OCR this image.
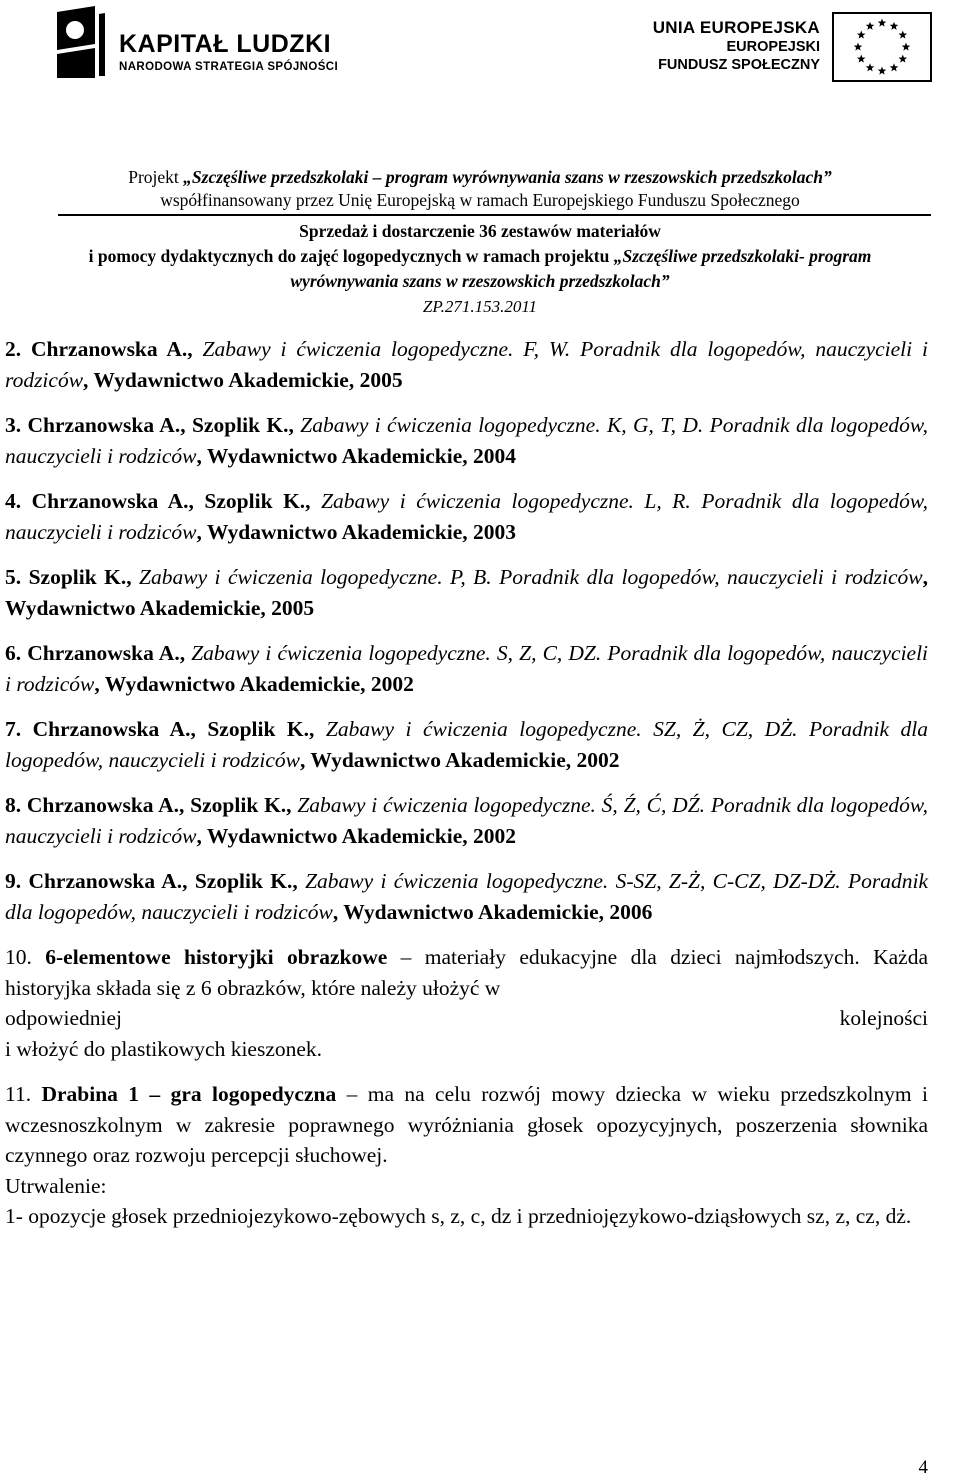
KAPITAŁ LUDZKI
NARODOWA STRATEGIA SPÓJNOŚCI
UNIA EUROPEJSKA
EUROPEJSKI
FUNDUSZ SPOŁECZNY
Projekt „Szczęśliwe przedszkolaki – program wyrównywania szans w rzeszowskich przedszkolach”
współfinansowany przez Unię Europejską w ramach Europejskiego Funduszu Społecznego
Sprzedaż i dostarczenie 36 zestawów materiałów
i pomocy dydaktycznych do zajęć logopedycznych w ramach projektu „Szczęśliwe przedszkolaki- program
wyrównywania szans w rzeszowskich przedszkolach”
ZP.271.153.2011
2. Chrzanowska A., Zabawy i ćwiczenia logopedyczne. F, W. Poradnik dla logopedów, nauczycieli i rodziców, Wydawnictwo Akademickie, 2005
3. Chrzanowska A., Szoplik K., Zabawy i ćwiczenia logopedyczne. K, G, T, D. Poradnik dla logopedów, nauczycieli i rodziców, Wydawnictwo Akademickie, 2004
4. Chrzanowska A., Szoplik K., Zabawy i ćwiczenia logopedyczne. L, R. Poradnik dla logopedów, nauczycieli i rodziców, Wydawnictwo Akademickie, 2003
5. Szoplik K., Zabawy i ćwiczenia logopedyczne. P, B. Poradnik dla logopedów, nauczycieli i rodziców, Wydawnictwo Akademickie, 2005
6. Chrzanowska A., Zabawy i ćwiczenia logopedyczne. S, Z, C, DZ. Poradnik dla logopedów, nauczycieli i rodziców, Wydawnictwo Akademickie, 2002
7. Chrzanowska A., Szoplik K., Zabawy i ćwiczenia logopedyczne. SZ, Ż, CZ, DŻ. Poradnik dla logopedów, nauczycieli i rodziców, Wydawnictwo Akademickie, 2002
8. Chrzanowska A., Szoplik K., Zabawy i ćwiczenia logopedyczne. Ś, Ź, Ć, DŹ. Poradnik dla logopedów, nauczycieli i rodziców, Wydawnictwo Akademickie, 2002
9. Chrzanowska A., Szoplik K., Zabawy i ćwiczenia logopedyczne. S-SZ, Z-Ż, C-CZ, DZ-DŻ. Poradnik dla logopedów, nauczycieli i rodziców, Wydawnictwo Akademickie, 2006
10. 6-elementowe historyjki obrazkowe – materiały edukacyjne dla dzieci najmłodszych. Każda historyjka składa się z 6 obrazków, które należy ułożyć w
odpowiedniej	kolejności
i włożyć do plastikowych kieszonek.
11. Drabina 1 – gra logopedyczna – ma na celu rozwój mowy dziecka w wieku przedszkolnym i wczesnoszkolnym w zakresie poprawnego wyróżniania głosek opozycyjnych, poszerzenia słownika czynnego oraz rozwoju percepcji słuchowej.
Utrwalenie:
1- opozycje głosek przedniojezykowo-zębowych s, z, c, dz i przedniojęzykowo-dziąsłowych sz, z, cz, dż.
4
